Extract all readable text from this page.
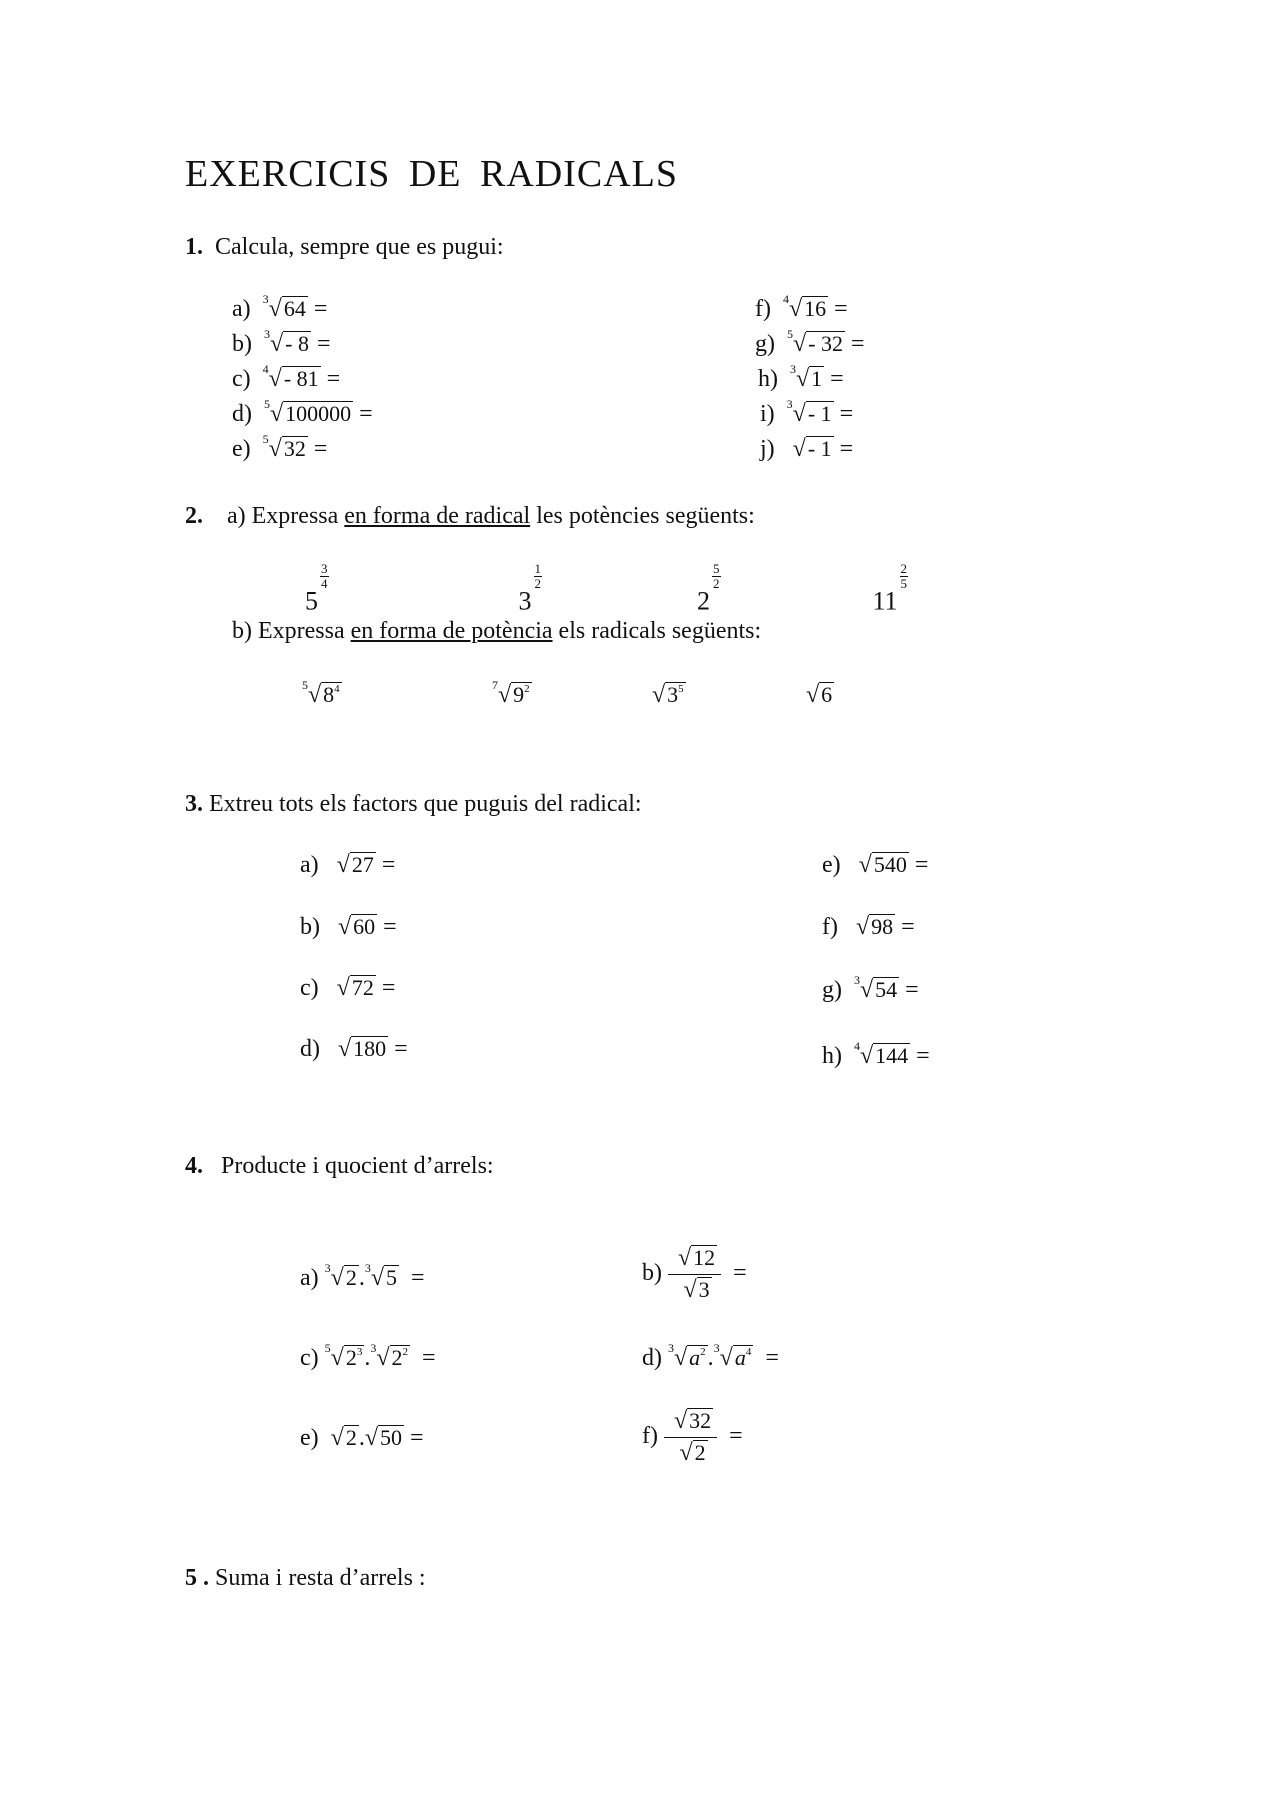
EXERCICIS DE RADICALS
1. Calcula, sempre que es pugui:
a) 3 √64 =
b) 3 √- 8 =
c) 4 √- 81 =
d) 5 √100000 =
e) 5 √32 =
f) 4 √16 =
g) 5 √- 32 =
h) 3 √1 =
i) 3 √- 1 =
j) √- 1 =
2. a) Expressa en forma de radical les potències següents:
5
$\frac{3}{4}$
3
$\frac{1}{2}$
2
$\frac{5}{2}$
11
$\frac{2}{5}$
b) Expressa en forma de potència els radicals següents:
5 $√8^4$	7 $√9^2$	$√3^5$	√6
3. Extreu tots els factors que puguis del radical:
a) √27 =
b) √60 =
c) √72 =
d) √180 =
e) √540 =
f) √98 =
g) 3 √54 =
h) 4 √144 =
4. Producte i quocient d’arrels:
a) 3 √2. 3 √5 =	$b) \frac{√12}{√3}$ =
c) 5 $√2^3$. 3 $√2^2$ =	d) 3 $√a^2$. 3 $√a^4$ =
e) √2.√50 =	$f) \frac{√32}{√2}$ =
5 . Suma i resta d’arrels :
